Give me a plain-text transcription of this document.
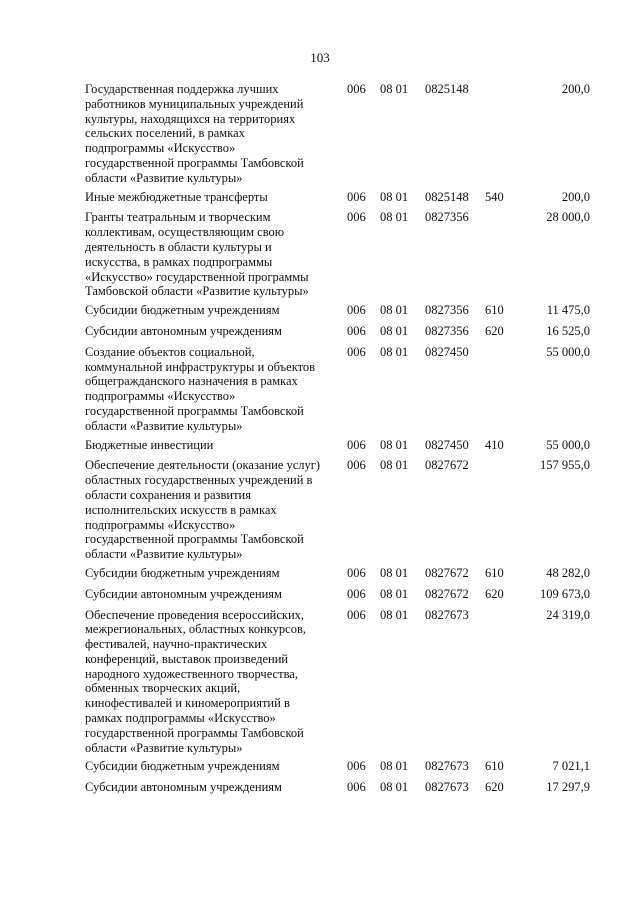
103
Государственная поддержка лучших
работников муниципальных учреждений
культуры, находящихся на территориях
сельских поселений, в рамках
подпрограммы «Искусство»
государственной программы Тамбовской
области «Развитие культуры»
006 08 01 0825148	200,0
Иные межбюджетные трансферты	006 08 01 0825148 540	200,0
Гранты театральным и творческим
коллективам, осуществляющим свою
деятельность в области культуры и
искусства, в рамках подпрограммы
«Искусство» государственной программы
Тамбовской области «Развитие культуры»
006 08 01 0827356	28 000,0
Субсидии бюджетным учреждениям	006 08 01 0827356 610	11 475,0
Субсидии автономным учреждениям	006 08 01 0827356 620	16 525,0
Создание объектов социальной,
коммунальной инфраструктуры и объектов
общегражданского назначения в рамках
подпрограммы «Искусство»
государственной программы Тамбовской
области «Развитие культуры»
006 08 01 0827450	55 000,0
Бюджетные инвестиции	006 08 01 0827450 410	55 000,0
Обеспечение деятельности (оказание услуг)
областных государственных учреждений в
области сохранения и развития
исполнительских искусств в рамках
подпрограммы «Искусство»
государственной программы Тамбовской
области «Развитие культуры»
006 08 01 0827672	157 955,0
Субсидии бюджетным учреждениям	006 08 01 0827672 610	48 282,0
Субсидии автономным учреждениям	006 08 01 0827672 620	109 673,0
Обеспечение проведения всероссийских,
межрегиональных, областных конкурсов,
фестивалей, научно-практических
конференций, выставок произведений
народного художественного творчества,
обменных творческих акций,
кинофестивалей и киномероприятий в
рамках подпрограммы «Искусство»
государственной программы Тамбовской
области «Развитие культуры»
006 08 01 0827673	24 319,0
Субсидии бюджетным учреждениям	006 08 01 0827673 610	7 021,1
Субсидии автономным учреждениям	006 08 01 0827673 620	17 297,9
